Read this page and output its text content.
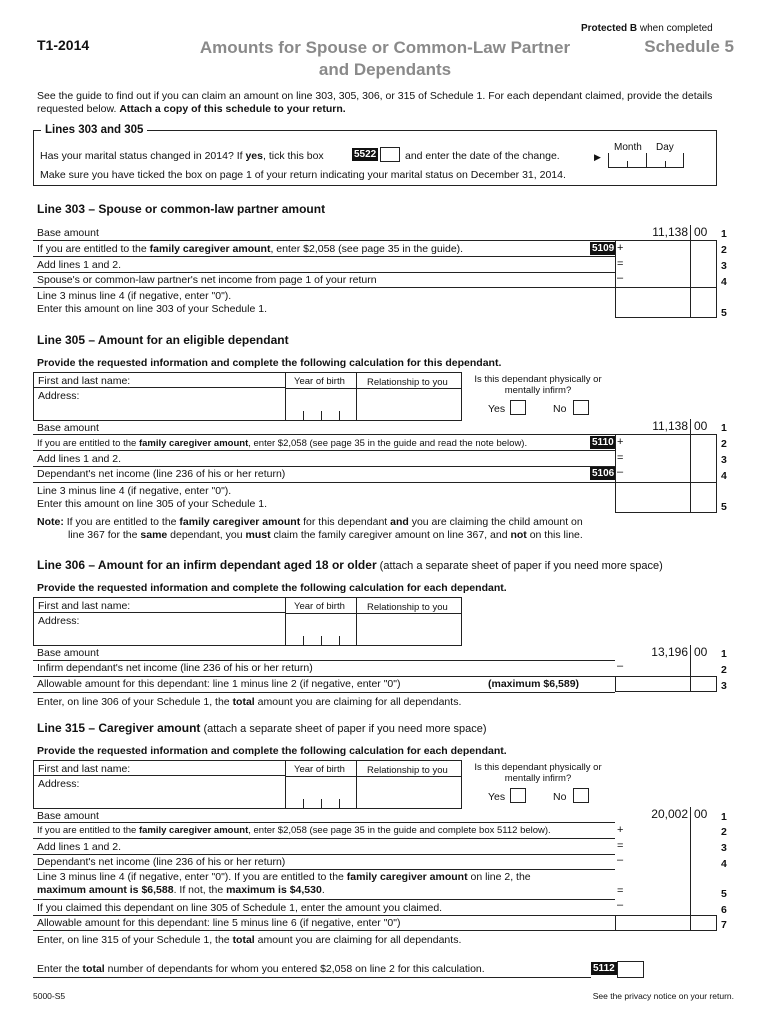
Protected B when completed
T1-2014	Amounts for Spouse or Common-Law Partner
and Dependants
Schedule 5
See the guide to find out if you can claim an amount on line 303, 305, 306, or 315 of Schedule 1. For each dependant claimed, provide the details requested below. Attach a copy of this schedule to your return.
Lines 303 and 305
Has your marital status changed in 2014? If yes, tick this box	5522	and enter the date of the change.	▶
Month Day
Make sure you have ticked the box on page 1 of your return indicating your marital status on December 31, 2014.
Line 303 – Spouse or common-law partner amount
Base amount	11,138 00 1
If you are entitled to the family caregiver amount, enter $2,058 (see page 35 in the guide).	5109 +	2
Add lines 1 and 2.	=	3
Spouse's or common-law partner's net income from page 1 of your return	–	4
Line 3 minus line 4 (if negative, enter "0").
Enter this amount on line 303 of your Schedule 1.	5
Line 305 – Amount for an eligible dependant
Provide the requested information and complete the following calculation for this dependant.
First and last name:
Address:
Year of birth Relationship to you	Is this dependant physically or mentally infirm?
Yes	No
Base amount	11,138 00 1
If you are entitled to the family caregiver amount, enter $2,058 (see page 35 in the guide and read the note below).	5110 +	2
Add lines 1 and 2.	=	3
Dependant's net income (line 236 of his or her return)	5106 –	4
Line 3 minus line 4 (if negative, enter "0").
Enter this amount on line 305 of your Schedule 1.	5
Note: If you are entitled to the family caregiver amount for this dependant and you are claiming the child amount on
line 367 for the same dependant, you must claim the family caregiver amount on line 367, and not on this line.
Line 306 – Amount for an infirm dependant aged 18 or older (attach a separate sheet of paper if you need more space)
Provide the requested information and complete the following calculation for each dependant.
First and last name:
Address:
Year of birth Relationship to you
Base amount	13,196 00 1
Infirm dependant's net income (line 236 of his or her return)	–	2
Allowable amount for this dependant: line 1 minus line 2 (if negative, enter "0")	(maximum $6,589)	3
Enter, on line 306 of your Schedule 1, the total amount you are claiming for all dependants.
Line 315 – Caregiver amount (attach a separate sheet of paper if you need more space)
Provide the requested information and complete the following calculation for each dependant.
First and last name:
Address:
Year of birth Relationship to you	Is this dependant physically or mentally infirm?
Yes	No
Base amount	20,002 00 1
If you are entitled to the family caregiver amount, enter $2,058 (see page 35 in the guide and complete box 5112 below).	+	2
Add lines 1 and 2.	=	3
Dependant's net income (line 236 of his or her return)	–	4
Line 3 minus line 4 (if negative, enter "0"). If you are entitled to the family caregiver amount on line 2, the
maximum amount is $6,588. If not, the maximum is $4,530.	=	5
If you claimed this dependant on line 305 of Schedule 1, enter the amount you claimed.	–	6
Allowable amount for this dependant: line 5 minus line 6 (if negative, enter "0")	7
Enter, on line 315 of your Schedule 1, the total amount you are claiming for all dependants.
Enter the total number of dependants for whom you entered $2,058 on line 2 for this calculation.	5112
5000-S5	See the privacy notice on your return.
